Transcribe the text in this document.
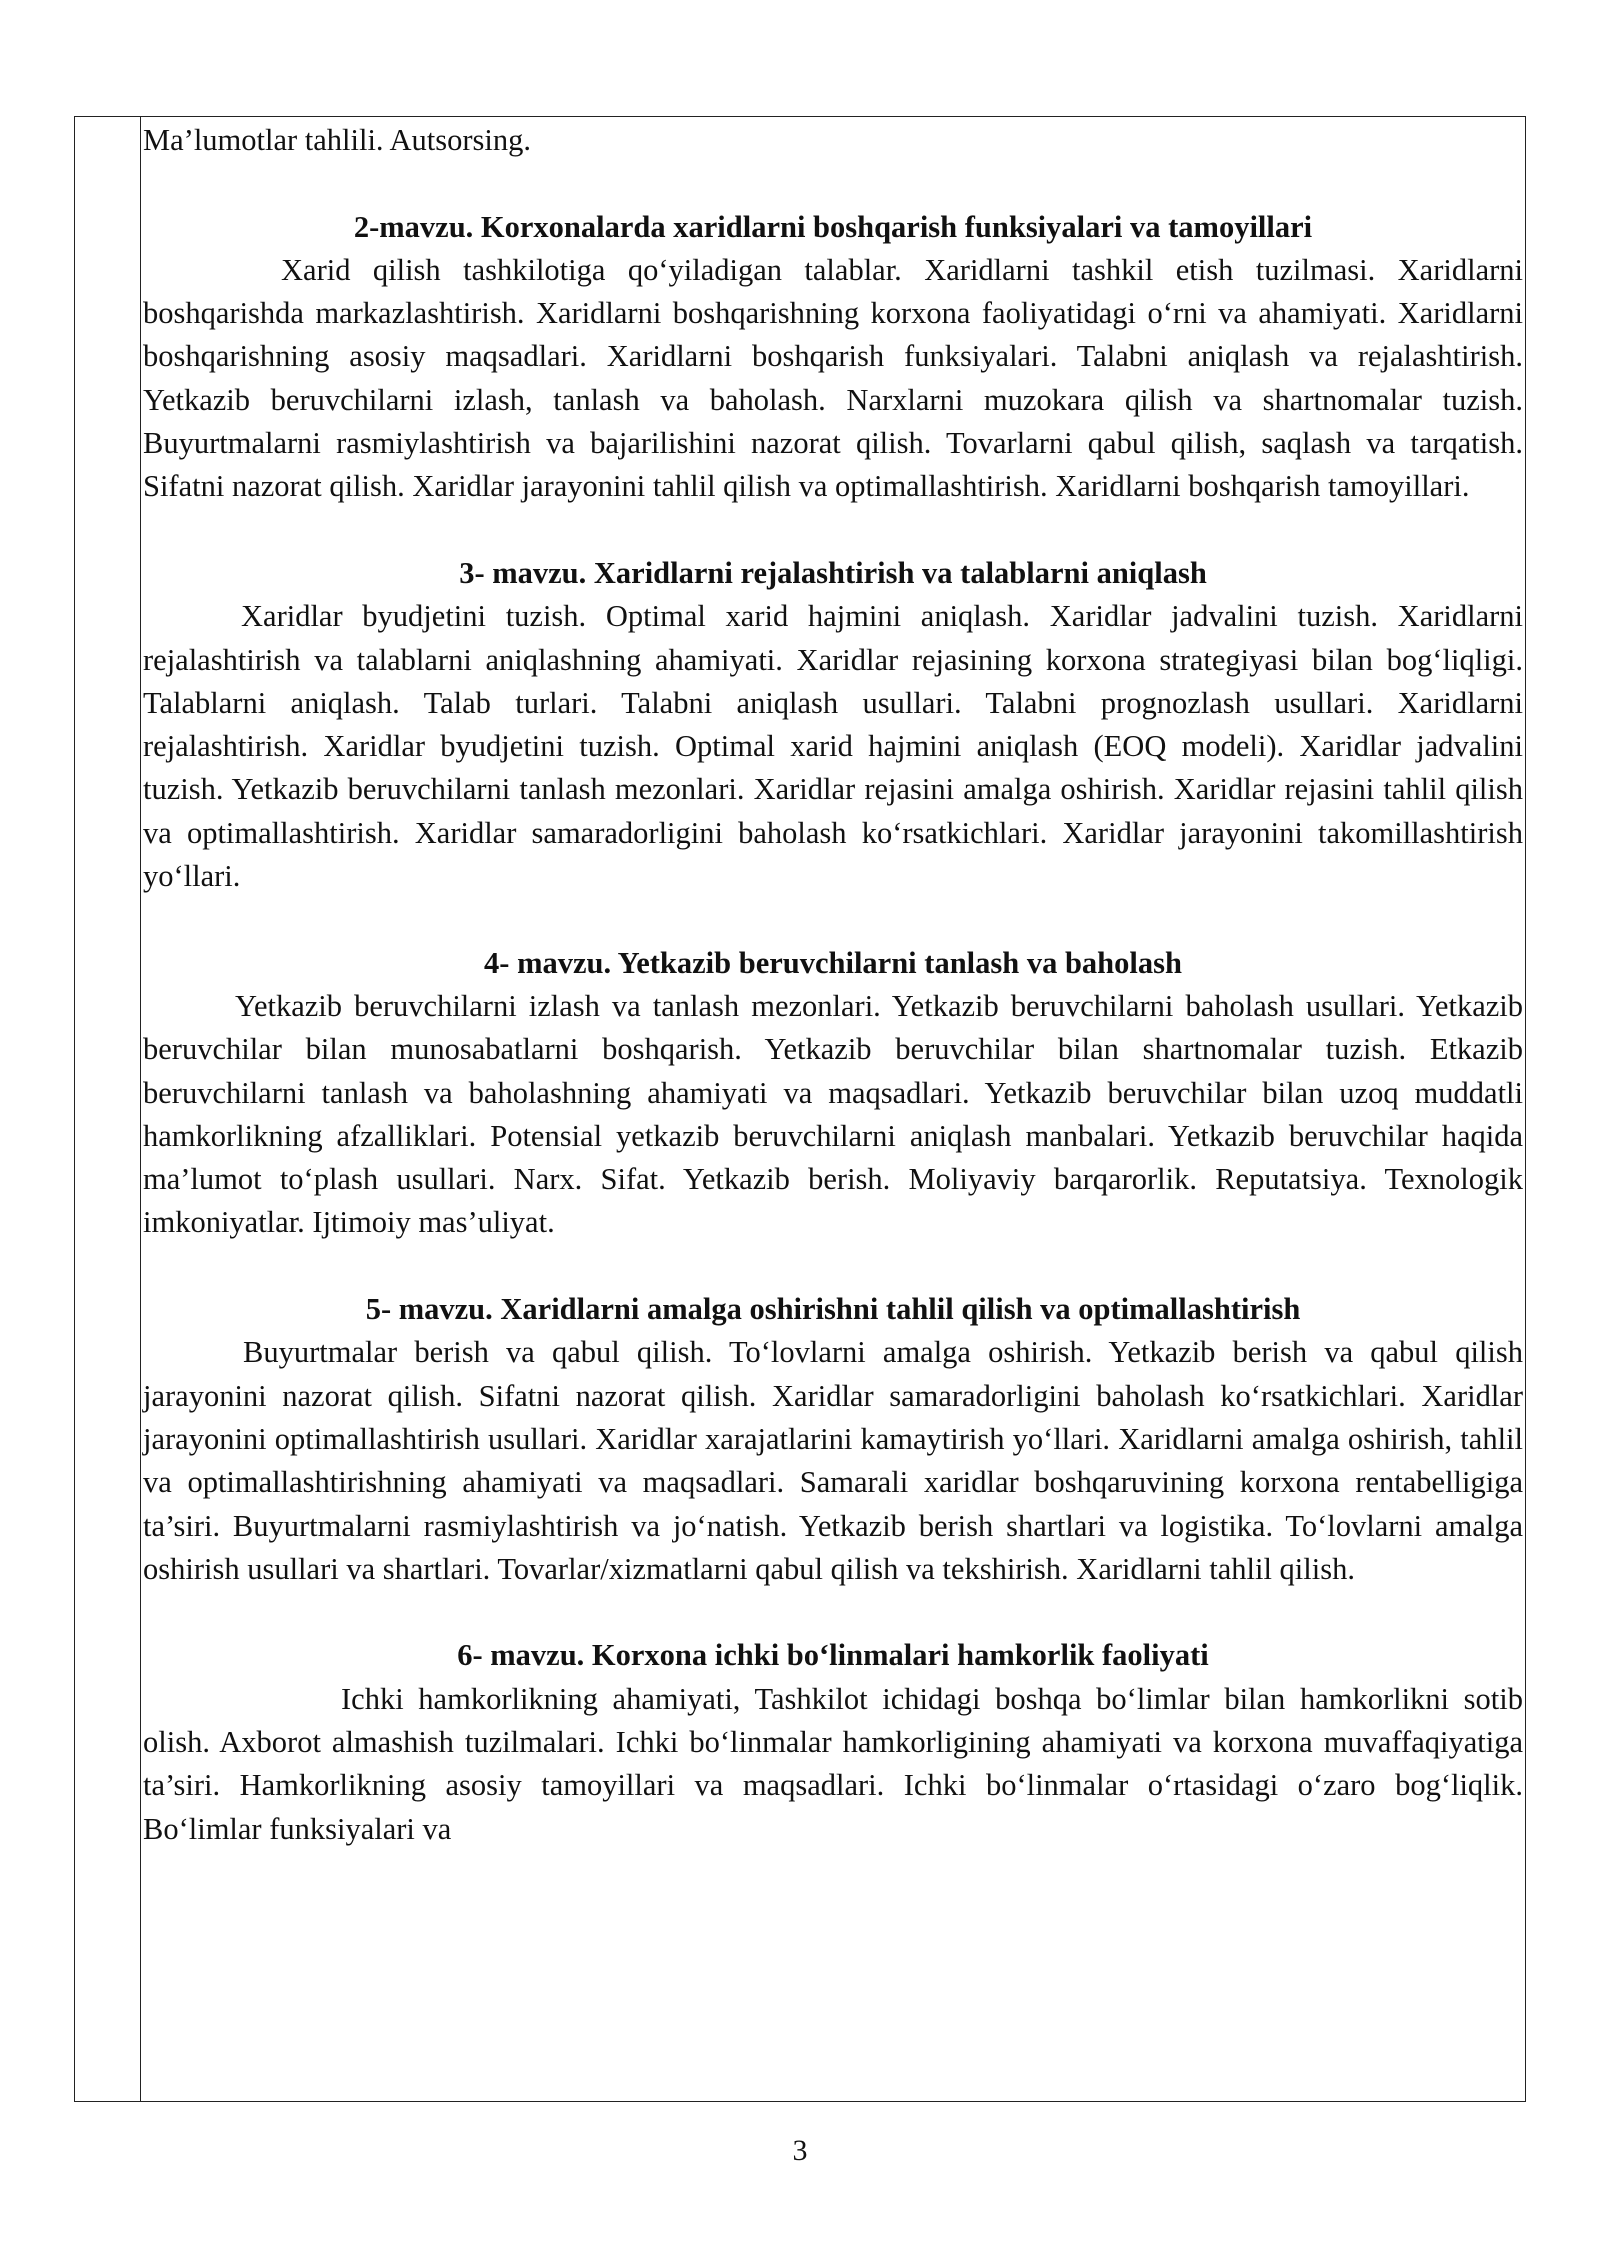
Ma’lumotlar tahlili. Autsorsing.

2-mavzu. Korxonalarda xaridlarni boshqarish funksiyalari va tamoyillari

Xarid qilish tashkilotiga qo‘yiladigan talablar. Xaridlarni tashkil etish tuzilmasi. Xaridlarni boshqarishda markazlashtirish. Xaridlarni boshqarishning korxona faoliyatidagi o‘rni va ahamiyati. Xaridlarni boshqarishning asosiy maqsadlari. Xaridlarni boshqarish funksiyalari. Talabni aniqlash va rejalashtirish. Yetkazib beruvchilarni izlash, tanlash va baholash. Narxlarni muzokara qilish va shartnomalar tuzish. Buyurtmalarni rasmiylashtirish va bajarilishini nazorat qilish. Tovarlarni qabul qilish, saqlash va tarqatish. Sifatni nazorat qilish. Xaridlar jarayonini tahlil qilish va optimallashtirish. Xaridlarni boshqarish tamoyillari.

3- mavzu. Xaridlarni rejalashtirish va talablarni aniqlash

Xaridlar byudjetini tuzish. Optimal xarid hajmini aniqlash. Xaridlar jadvalini tuzish. Xaridlarni rejalashtirish va talablarni aniqlashning ahamiyati. Xaridlar rejasining korxona strategiyasi bilan bog‘liqligi. Talablarni aniqlash. Talab turlari. Talabni aniqlash usullari. Talabni prognozlash usullari. Xaridlarni rejalashtirish. Xaridlar byudjetini tuzish. Optimal xarid hajmini aniqlash (EOQ modeli). Xaridlar jadvalini tuzish. Yetkazib beruvchilarni tanlash mezonlari. Xaridlar rejasini amalga oshirish. Xaridlar rejasini tahlil qilish va optimallashtirish. Xaridlar samaradorligini baholash ko‘rsatkichlari. Xaridlar jarayonini takomillashtirish yo‘llari.

4- mavzu. Yetkazib beruvchilarni tanlash va baholash

Yetkazib beruvchilarni izlash va tanlash mezonlari. Yetkazib beruvchilarni baholash usullari. Yetkazib beruvchilar bilan munosabatlarni boshqarish. Yetkazib beruvchilar bilan shartnomalar tuzish. Etkazib beruvchilarni tanlash va baholashning ahamiyati va maqsadlari. Yetkazib beruvchilar bilan uzoq muddatli hamkorlikning afzalliklari. Potensial yetkazib beruvchilarni aniqlash manbalari. Yetkazib beruvchilar haqida ma’lumot to‘plash usullari. Narx. Sifat. Yetkazib berish. Moliyaviy barqarorlik. Reputatsiya. Texnologik imkoniyatlar. Ijtimoiy mas’uliyat.

5- mavzu. Xaridlarni amalga oshirishni tahlil qilish va optimallashtirish

Buyurtmalar berish va qabul qilish. To‘lovlarni amalga oshirish. Yetkazib berish va qabul qilish jarayonini nazorat qilish. Sifatni nazorat qilish. Xaridlar samaradorligini baholash ko‘rsatkichlari. Xaridlar jarayonini optimallashtirish usullari. Xaridlar xarajatlarini kamaytirish yo‘llari. Xaridlarni amalga oshirish, tahlil va optimallashtirishning ahamiyati va maqsadlari. Samarali xaridlar boshqaruvining korxona rentabelligiga ta’siri. Buyurtmalarni rasmiylashtirish va jo‘natish. Yetkazib berish shartlari va logistika. To‘lovlarni amalga oshirish usullari va shartlari. Tovarlar/xizmatlarni qabul qilish va tekshirish. Xaridlarni tahlil qilish.

6- mavzu. Korxona ichki bo‘linmalari hamkorlik faoliyati

Ichki hamkorlikning ahamiyati, Tashkilot ichidagi boshqa bo‘limlar bilan hamkorlikni sotib olish. Axborot almashish tuzilmalari. Ichki bo‘linmalar hamkorligining ahamiyati va korxona muvaffaqiyatiga ta’siri. Hamkorlikning asosiy tamoyillari va maqsadlari. Ichki bo‘linmalar o‘rtasidagi o‘zaro bog‘liqlik. Bo‘limlar funksiyalari va

3
